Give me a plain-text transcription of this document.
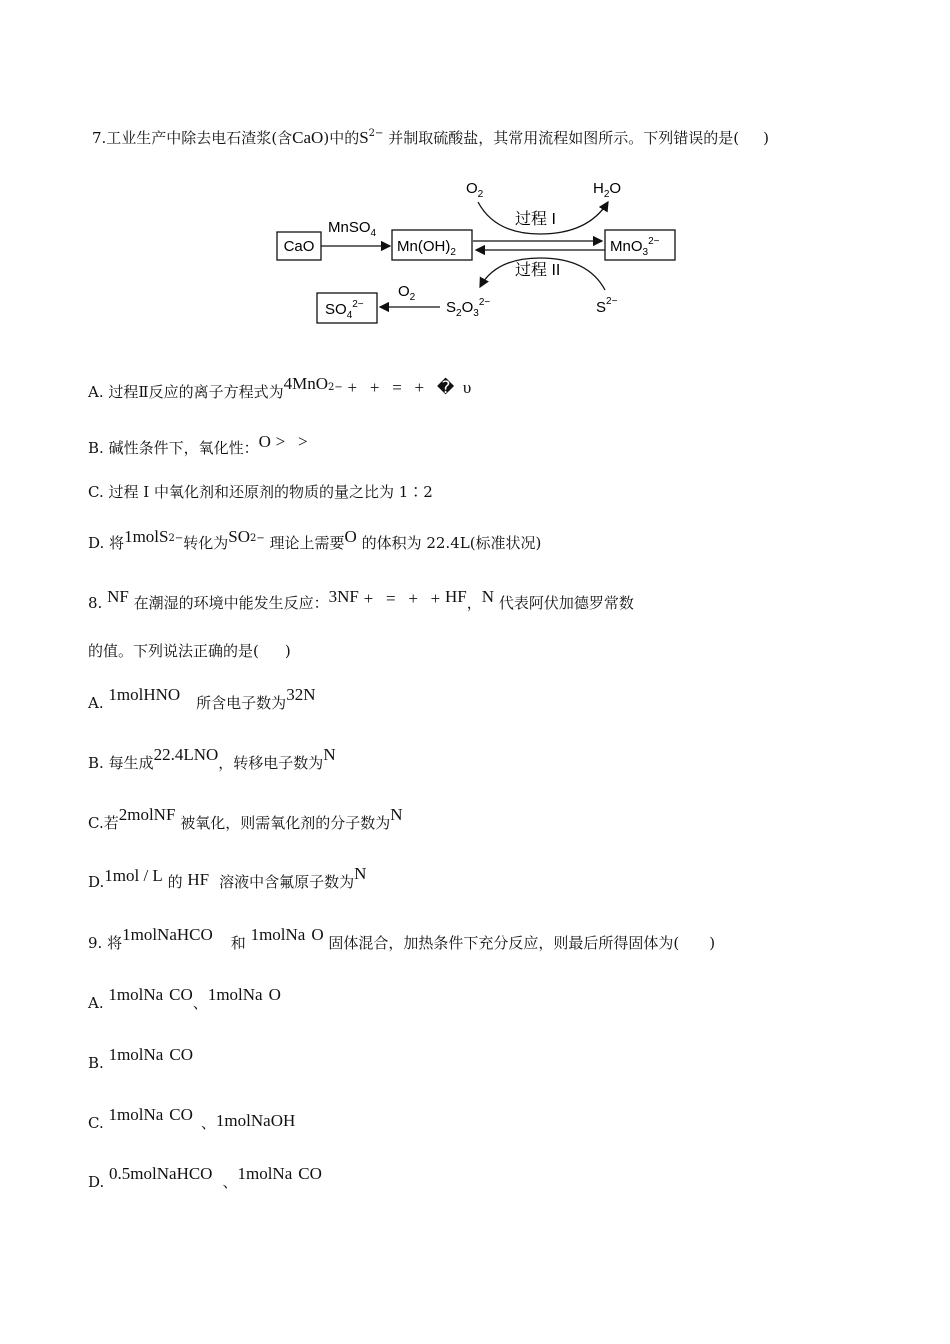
7.工业生产中除去电石渣浆(含CaO)中的$S^{2-}$ 并制取硫酸盐，其常用流程如图所示。下列错误的是( )
CaO
MnSO$_4$
$Mn(OH)_2$	MnO$_3^{2-}$
$O_2$	$H_2O$
过程 I
过程 II
$S^{2-}$
$S_2O_3^{2-}$
$O_2$
$SO_4^{2-}$
A. 过程Ⅱ反应的离子方程式为4MnO$^{2-}$ +   +   =   +   �  υ
B. 碱性条件下，氧化性：O >   >
C. 过程 I 中氧化剂和还原剂的物质的量之比为 1∶2
D. 将1molS$^{2-}$转化为$SO^{2-}$ 理论上需要O 的体积为 22.4L(标准状况)
8. NF 在潮湿的环境中能发生反应：3NF +   =   +   + HF，N 代表阿伏加德罗常数
的值。下列说法正确的是( )
A. 1molHNO 所含电子数为32N
B. 每生成22.4LNO，转移电子数为N
C.若2molNF 被氧化，则需氧化剂的分子数为N
D.1mol / L 的 HF 溶液中含氟原子数为N
9. 将1molNaHCO 和 1molNa O 固体混合，加热条件下充分反应，则最后所得固体为( )
A. 1molNa CO、1molNa O
B. 1molNa CO
C. 1molNa CO 、1molNaOH
D. 0.5molNaHCO 、1molNa CO
